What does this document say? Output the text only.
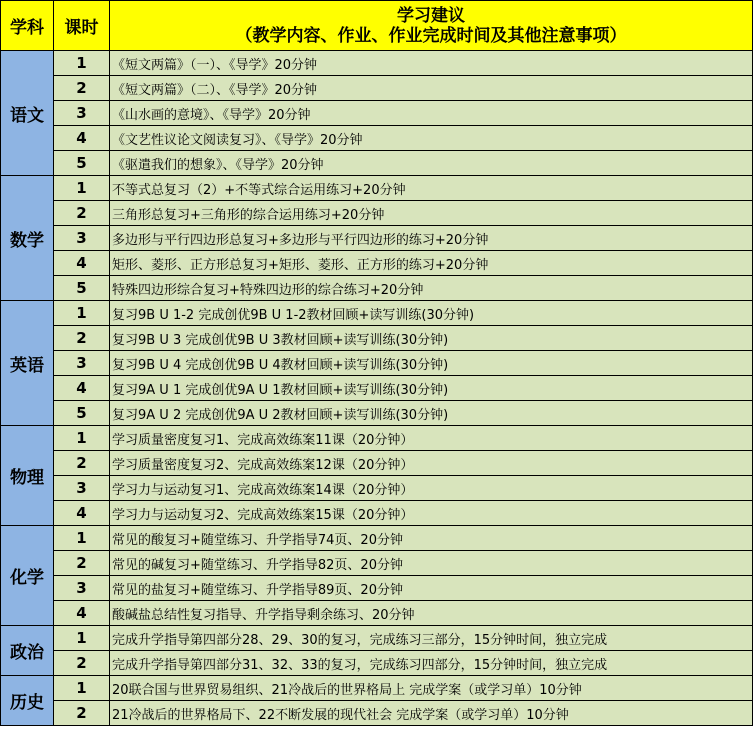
学科	课时	学习建议
（教学内容、作业、作业完成时间及其他注意事项）

语文	1	《短文两篇》（一）、《导学》20分钟
	2	《短文两篇》（二）、《导学》20分钟
	3	《山水画的意境》、《导学》20分钟
	4	《文艺性议论文阅读复习》、《导学》20分钟
	5	《驱遣我们的想象》、《导学》20分钟
数学	1	不等式总复习（2）+不等式综合运用练习+20分钟
	2	三角形总复习+三角形的综合运用练习+20分钟
	3	多边形与平行四边形总复习+多边形与平行四边形的练习+20分钟
	4	矩形、菱形、正方形总复习+矩形、菱形、正方形的练习+20分钟
	5	特殊四边形综合复习+特殊四边形的综合练习+20分钟
英语	1	复习9B U 1-2 完成创优9B U 1-2教材回顾+读写训练(30分钟)
	2	复习9B U 3 完成创优9B U 3教材回顾+读写训练(30分钟)
	3	复习9B U 4 完成创优9B U 4教材回顾+读写训练(30分钟)
	4	复习9A U 1 完成创优9A U 1教材回顾+读写训练(30分钟)
	5	复习9A U 2 完成创优9A U 2教材回顾+读写训练(30分钟)
物理	1	学习质量密度复习1、完成高效练案11课（20分钟）
	2	学习质量密度复习2、完成高效练案12课（20分钟）
	3	学习力与运动复习1、完成高效练案14课（20分钟）
	4	学习力与运动复习2、完成高效练案15课（20分钟）
化学	1	常见的酸复习+随堂练习、升学指导74页、20分钟
	2	常见的碱复习+随堂练习、升学指导82页、20分钟
	3	常见的盐复习+随堂练习、升学指导89页、20分钟
	4	酸碱盐总结性复习指导、升学指导剩余练习、20分钟
政治	1	完成升学指导第四部分28、29、30的复习，完成练习三部分，15分钟时间，独立完成
	2	完成升学指导第四部分31、32、33的复习，完成练习四部分，15分钟时间，独立完成
历史	1	20联合国与世界贸易组织、21冷战后的世界格局上 完成学案（或学习单）10分钟
	2	21冷战后的世界格局下、22不断发展的现代社会 完成学案（或学习单）10分钟
